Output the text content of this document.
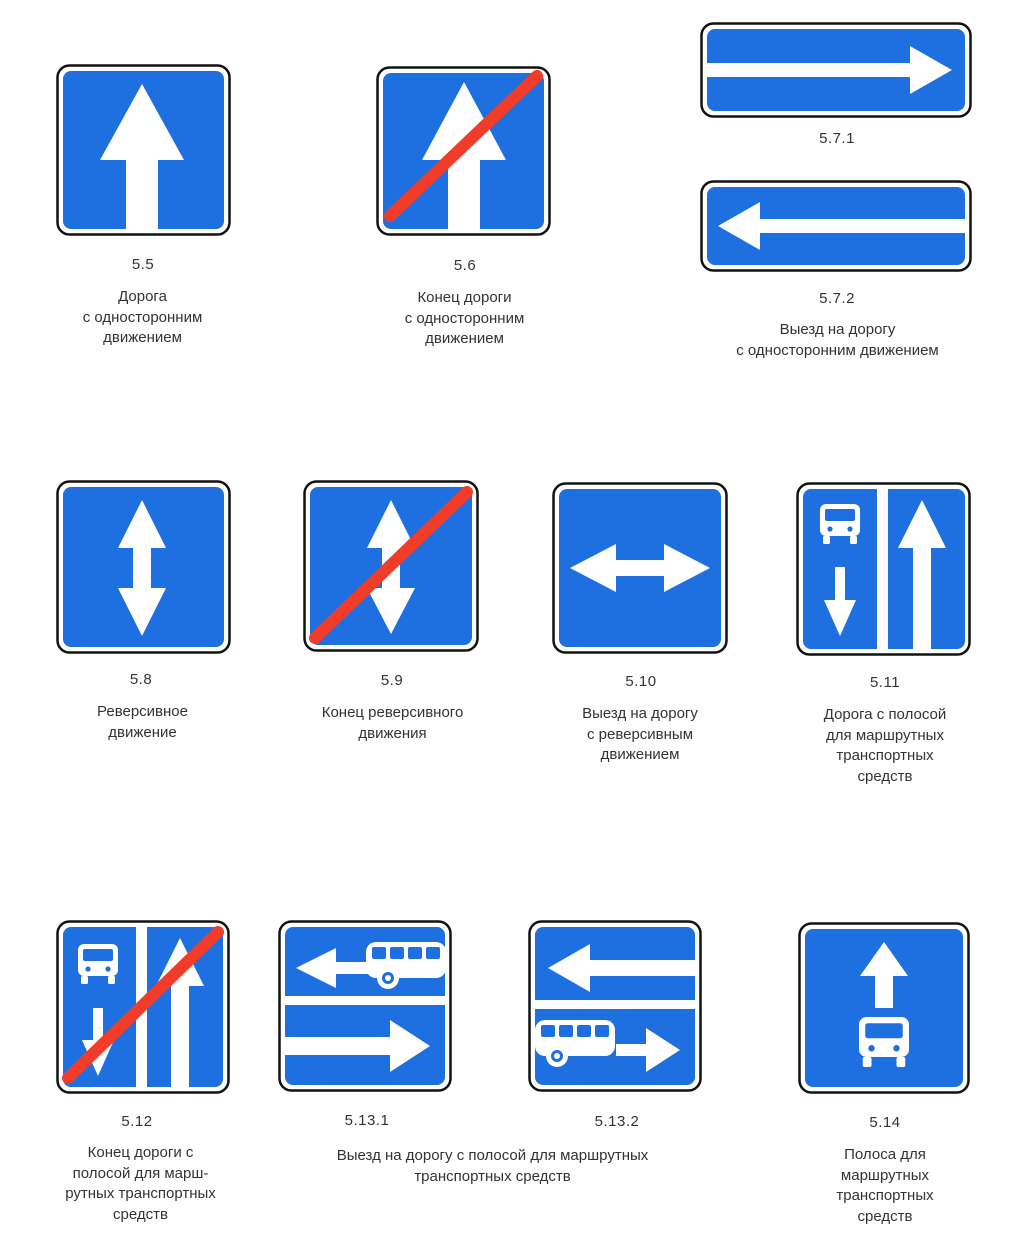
5.5
Дорога
с односторонним
движением
5.6
Конец дороги
с односторонним
движением
5.7.1
5.7.2
Выезд на дорогу
с односторонним движением
5.8
Реверсивное
движение
5.9
Конец реверсивного
движения
5.10
Выезд на дорогу
с реверсивным
движением
5.11
Дорога с полосой
для маршрутных
транспортных
средств
5.12
Конец дороги с
полосой для марш-
рутных транспортных
средств
5.13.1	5.13.2
Выезд на дорогу с полосой для маршрутных
транспортных средств
5.14
Полоса для
маршрутных
транспортных
средств
